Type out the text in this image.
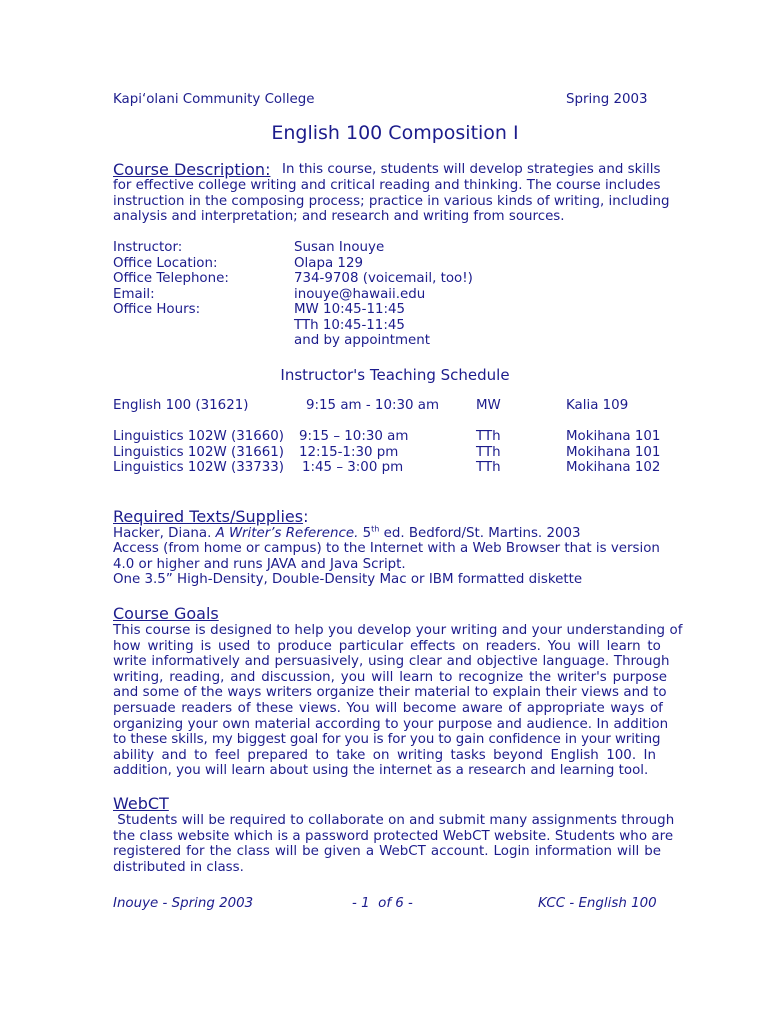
Kapi‘olani Community College	Spring 2003
English 100 Composition I
Course Description: In this course, students will develop strategies and skills
for effective college writing and critical reading and thinking. The course includes
instruction in the composing process; practice in various kinds of writing, including
analysis and interpretation; and research and writing from sources.
Instructor:	Susan Inouye
Office Location:	Olapa 129
Office Telephone:	734-9708 (voicemail, too!)
Email:	inouye@hawaii.edu
Office Hours:	MW 10:45-11:45
TTh 10:45-11:45
and by appointment
Instructor's Teaching Schedule
English 100 (31621)	9:15 am - 10:30 am	MW	Kalia 109
Linguistics 102W (31660) 9:15 – 10:30 am	TTh	Mokihana 101
Linguistics 102W (31661) 12:15-1:30 pm	TTh	Mokihana 101
Linguistics 102W (33733) 1:45 – 3:00 pm	TTh	Mokihana 102
Required Texts/Supplies:
Hacker, Diana. A Writer’s Reference. 5th ed. Bedford/St. Martins. 2003
Access (from home or campus) to the Internet with a Web Browser that is version
4.0 or higher and runs JAVA and Java Script.
One 3.5” High-Density, Double-Density Mac or IBM formatted diskette
Course Goals
This course is designed to help you develop your writing and your understanding of
how writing is used to produce particular effects on readers. You will learn to
write informatively and persuasively, using clear and objective language. Through
writing, reading, and discussion, you will learn to recognize the writer's purpose
and some of the ways writers organize their material to explain their views and to
persuade readers of these views. You will become aware of appropriate ways of
organizing your own material according to your purpose and audience. In addition
to these skills, my biggest goal for you is for you to gain confidence in your writing
ability and to feel prepared to take on writing tasks beyond English 100. In
addition, you will learn about using the internet as a research and learning tool.
WebCT
Students will be required to collaborate on and submit many assignments through
the class website which is a password protected WebCT website. Students who are
registered for the class will be given a WebCT account. Login information will be
distributed in class.
Inouye - Spring 2003	- 1  of 6 -	KCC - English 100
